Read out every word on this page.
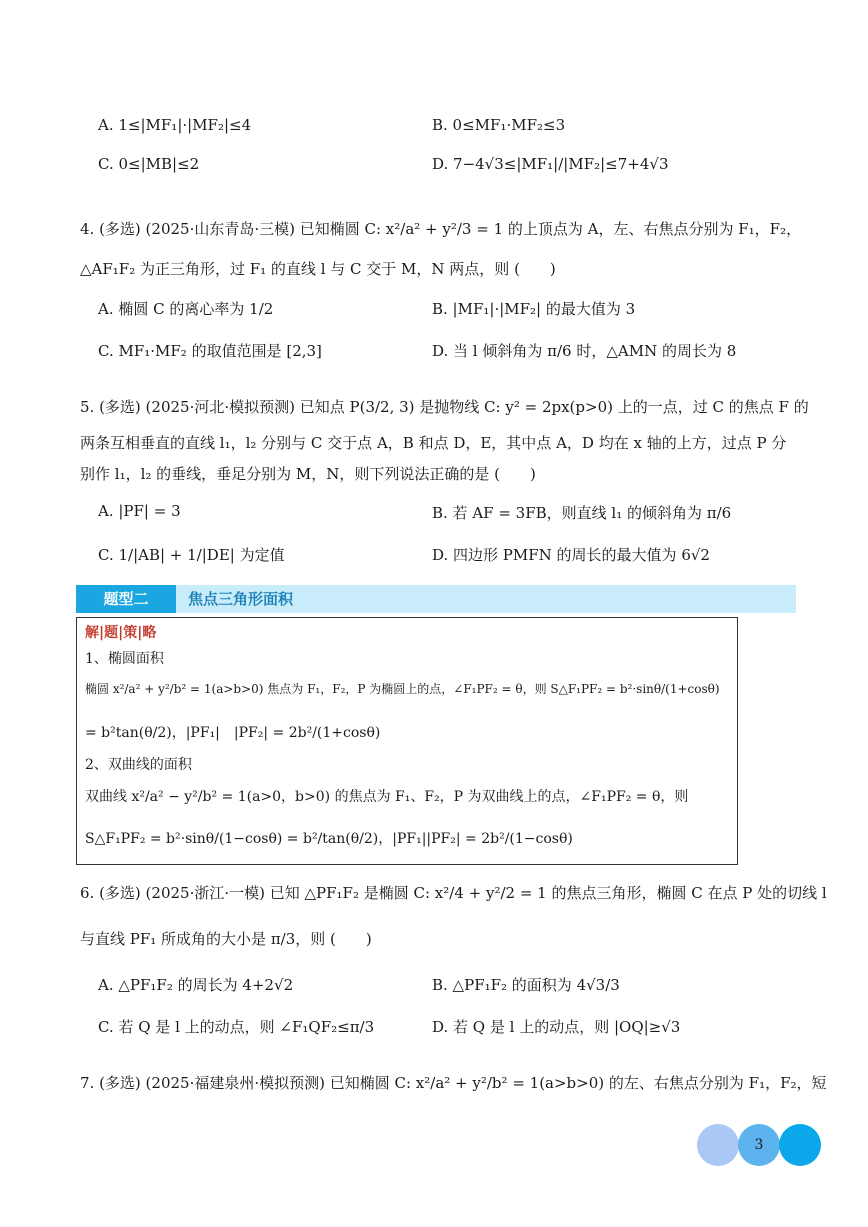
A. 1≤|MF₁|·|MF₂|≤4	B. 0≤MF₁·MF₂≤3
C. 0≤|MB|≤2	D. 7−4√3≤|MF₁|/|MF₂|≤7+4√3
4. (多选) (2025·山东青岛·三模) 已知椭圆 C: x²/a² + y²/3 = 1 的上顶点为 A，左、右焦点分别为 F₁，F₂，
△AF₁F₂ 为正三角形，过 F₁ 的直线 l 与 C 交于 M，N 两点，则 (　　)
A. 椭圆 C 的离心率为 1/2	B. |MF₁|·|MF₂| 的最大值为 3
C. MF₁·MF₂ 的取值范围是 [2,3]	D. 当 l 倾斜角为 π/6 时，△AMN 的周长为 8
5. (多选) (2025·河北·模拟预测) 已知点 P(3/2, 3) 是抛物线 C: y² = 2px(p>0) 上的一点，过 C 的焦点 F 的
两条互相垂直的直线 l₁，l₂ 分别与 C 交于点 A，B 和点 D，E，其中点 A，D 均在 x 轴的上方，过点 P 分
别作 l₁，l₂ 的垂线，垂足分别为 M，N，则下列说法正确的是 (　　)
A. |PF| = 3	B. 若 AF = 3FB，则直线 l₁ 的倾斜角为 π/6
C. 1/|AB| + 1/|DE| 为定值	D. 四边形 PMFN 的周长的最大值为 6√2
题型二	焦点三角形面积
解|题|策|略
1、椭圆面积
椭圆 x²/a² + y²/b² = 1(a>b>0) 焦点为 F₁，F₂，P 为椭圆上的点，∠F₁PF₂ = θ，则 S△F₁PF₂ = b²·sinθ/(1+cosθ)
= b²tan(θ/2)，|PF₁|　|PF₂| = 2b²/(1+cosθ)
2、双曲线的面积
双曲线 x²/a² − y²/b² = 1(a>0，b>0) 的焦点为 F₁、F₂，P 为双曲线上的点，∠F₁PF₂ = θ，则
S△F₁PF₂ = b²·sinθ/(1−cosθ) = b²/tan(θ/2)，|PF₁||PF₂| = 2b²/(1−cosθ)
6. (多选) (2025·浙江·一模) 已知 △PF₁F₂ 是椭圆 C: x²/4 + y²/2 = 1 的焦点三角形，椭圆 C 在点 P 处的切线 l
与直线 PF₁ 所成角的大小是 π/3，则 (　　)
A. △PF₁F₂ 的周长为 4+2√2	B. △PF₁F₂ 的面积为 4√3/3
C. 若 Q 是 l 上的动点，则 ∠F₁QF₂≤π/3	D. 若 Q 是 l 上的动点，则 |OQ|≥√3
7. (多选) (2025·福建泉州·模拟预测) 已知椭圆 C: x²/a² + y²/b² = 1(a>b>0) 的左、右焦点分别为 F₁，F₂，短
3
